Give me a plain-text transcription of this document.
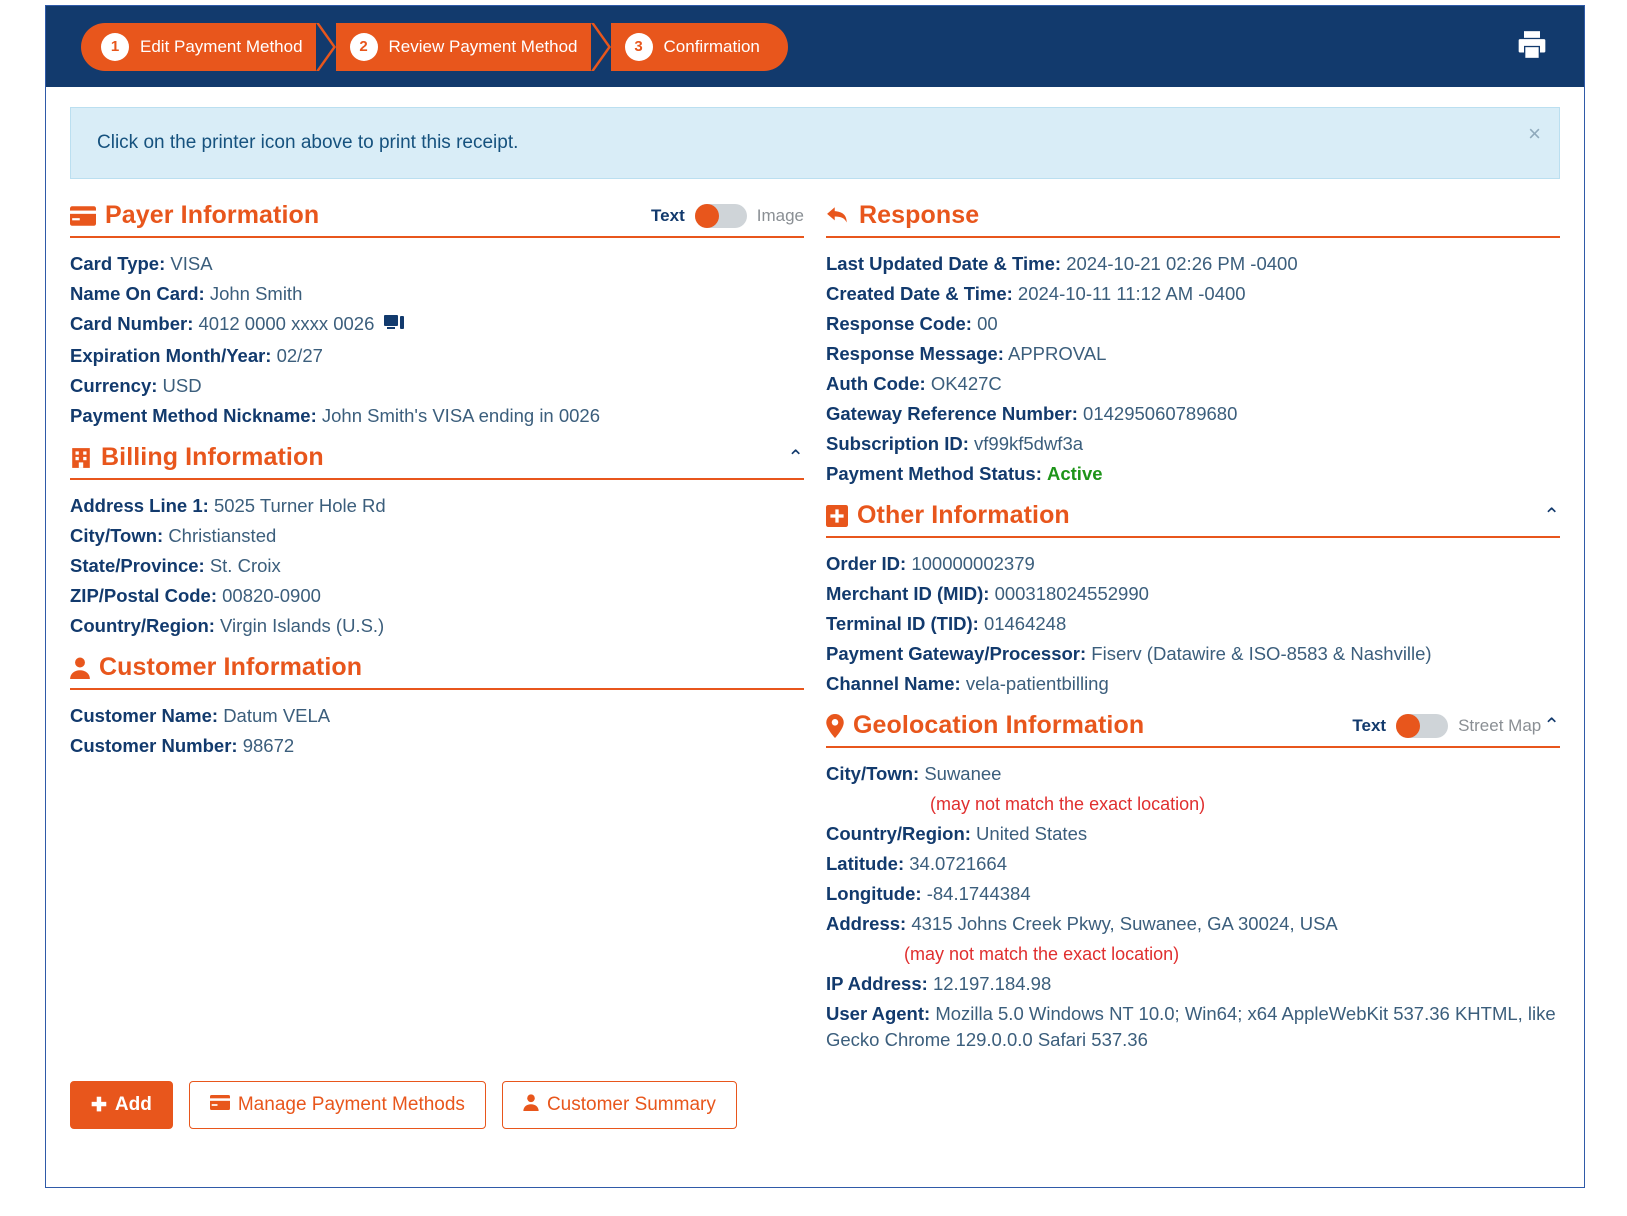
1	Edit Payment Method	2	Review Payment Method	3	Confirmation
Click on the printer icon above to print this receipt.	×
Payer Information	Text	Image
Card Type: VISA
Name On Card: John Smith
Card Number: 4012 0000 xxxx 0026
Expiration Month/Year: 02/27
Currency: USD
Payment Method Nickname: John Smith's VISA ending in 0026
Billing Information	⌃
Address Line 1: 5025 Turner Hole Rd
City/Town: Christiansted
State/Province: St. Croix
ZIP/Postal Code: 00820-0900
Country/Region: Virgin Islands (U.S.)
Customer Information
Customer Name: Datum VELA
Customer Number: 98672
Response
Last Updated Date & Time: 2024-10-21 02:26 PM -0400
Created Date & Time: 2024-10-11 11:12 AM -0400
Response Code: 00
Response Message: APPROVAL
Auth Code: OK427C
Gateway Reference Number: 014295060789680
Subscription ID: vf99kf5dwf3a
Payment Method Status: Active
Other Information	⌃
Order ID: 100000002379
Merchant ID (MID): 000318024552990
Terminal ID (TID): 01464248
Payment Gateway/Processor: Fiserv (Datawire & ISO-8583 & Nashville)
Channel Name: vela-patientbilling
Geolocation Information	Text	Street Map ⌃
City/Town: Suwanee
(may not match the exact location)
Country/Region: United States
Latitude: 34.0721664
Longitude: -84.1744384
Address: 4315 Johns Creek Pkwy, Suwanee, GA 30024, USA
(may not match the exact location)
IP Address: 12.197.184.98
User Agent: Mozilla 5.0 Windows NT 10.0; Win64; x64 AppleWebKit 537.36 KHTML, like Gecko Chrome 129.0.0.0 Safari 537.36
✚ Add	Manage Payment Methods	Customer Summary
